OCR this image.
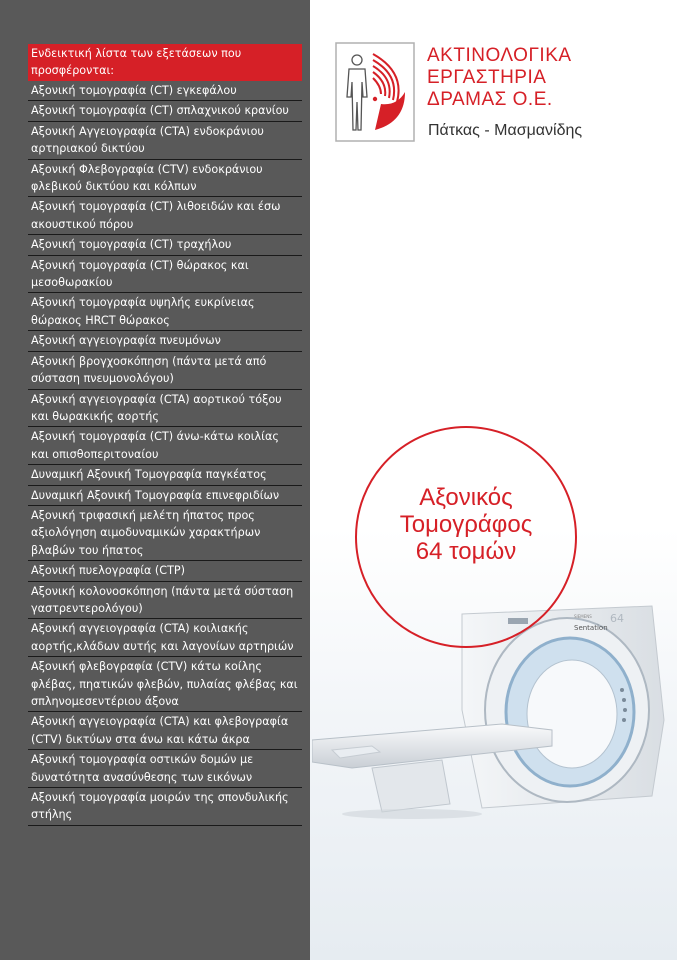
Ενδεικτική λίστα των εξετάσεων που προσφέρονται:
Αξονική τομογραφία (CT) εγκεφάλου
Αξονική τομογραφία (CT) σπλαχνικού κρανίου
Αξονική Αγγειογραφία (CTA) ενδοκράνιου αρτηριακού δικτύου
Αξονική Φλεβογραφία (CTV) ενδοκράνιου φλεβικού δικτύου και κόλπων
Αξονική τομογραφία (CT) λιθοειδών και έσω ακουστικού πόρου
Αξονική τομογραφία (CT) τραχήλου
Αξονική τομογραφία (CT) θώρακος και μεσοθωρακίου
Αξονική τομογραφία υψηλής ευκρίνειας θώρακος HRCT θώρακος
Αξονική αγγειογραφία πνευμόνων
Αξονική βρογχοσκόπηση (πάντα μετά από σύσταση πνευμονολόγου)
Αξονική αγγειογραφία (CTA) αορτικού τόξου και θωρακικής αορτής
Αξονική τομογραφία (CT) άνω-κάτω κοιλίας και οπισθοπεριτοναίου
Δυναμική Αξονική Τομογραφία παγκέατος
Δυναμική Αξονική Τομογραφία επινεφριδίων
Αξονική τριφασική μελέτη ήπατος προς αξιολόγηση αιμοδυναμικών χαρακτήρων βλαβών του ήπατος
Αξονική πυελογραφία (CTP)
Αξονική κολονοσκόπηση (πάντα μετά σύσταση γαστρεντερολόγου)
Αξονική αγγειογραφία (CTA) κοιλιακής αορτής,κλάδων αυτής και λαγονίων αρτηριών
Αξονική φλεβογραφία (CTV) κάτω κοίλης φλέβας, πηατικών φλεβών, πυλαίας φλέβας και σπληνομεσεντέριου άξονα
Αξονική αγγειογραφία (CTA) και φλεβογραφία (CTV) δικτύων στα άνω και κάτω άκρα
Αξονική τομογραφία οστικών δομών με δυνατότητα ανασύνθεσης των εικόνων
Αξονική τομογραφία μοιρών της σπονδυλικής στήλης
ΑΚΤΙΝΟΛΟΓΙΚΑ
ΕΡΓΑΣΤΗΡΙΑ
ΔΡΑΜΑΣ Ο.Ε.
Πάτκας - Μασμανίδης
Sentation
64
SIEMENS
Αξονικός
Τομογράφος
64 τομών
